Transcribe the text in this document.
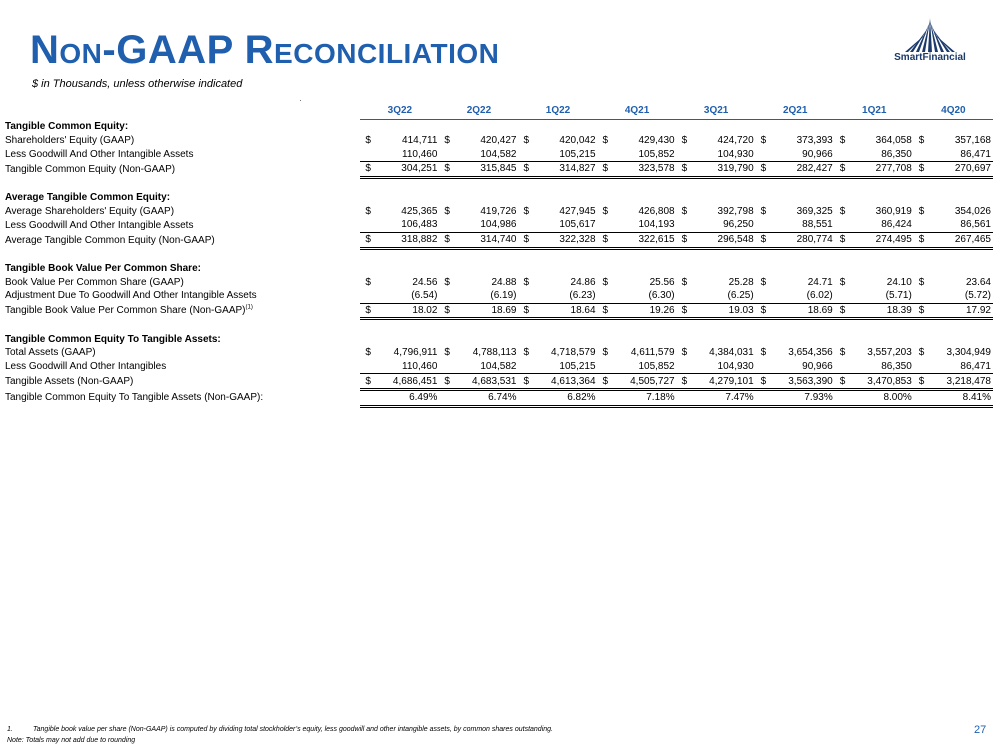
Non-GAAP Reconciliation
$ in Thousands, unless otherwise indicated
SmartFinancial
	3Q22		2Q22		1Q22		4Q21		3Q21		2Q21		1Q21		4Q20	
Tangible Common Equity:																
Shareholders' Equity (GAAP)	$	414,711	$	420,427	$	420,042	$	429,430	$	424,720	$	373,393	$	364,058	$	357,168
Less Goodwill And Other Intangible Assets		110,460		104,582		105,215		105,852		104,930		90,966		86,350		86,471
Tangible Common Equity (Non-GAAP)	$	304,251	$	315,845	$	314,827	$	323,578	$	319,790	$	282,427	$	277,708	$	270,697

Average Tangible Common Equity:																
Average Shareholders' Equity (GAAP)	$	425,365	$	419,726	$	427,945	$	426,808	$	392,798	$	369,325	$	360,919	$	354,026
Less Goodwill And Other Intangible Assets		106,483		104,986		105,617		104,193		96,250		88,551		86,424		86,561
Average Tangible Common Equity (Non-GAAP)	$	318,882	$	314,740	$	322,328	$	322,615	$	296,548	$	280,774	$	274,495	$	267,465

Tangible Book Value Per Common Share:																
Book Value Per Common Share (GAAP)	$	24.56	$	24.88	$	24.86	$	25.56	$	25.28	$	24.71	$	24.10	$	23.64
Adjustment Due To Goodwill And Other Intangible Assets		(6.54)		(6.19)		(6.23)		(6.30)		(6.25)		(6.02)		(5.71)		(5.72)
Tangible Book Value Per Common Share (Non-GAAP)$^{(1)}$	$	18.02	$	18.69	$	18.64	$	19.26	$	19.03	$	18.69	$	18.39	$	17.92

Tangible Common Equity To Tangible Assets:																
Total Assets (GAAP)	$	4,796,911	$	4,788,113	$	4,718,579	$	4,611,579	$	4,384,031	$	3,654,356	$	3,557,203	$	3,304,949
Less Goodwill And Other Intangibles		110,460		104,582		105,215		105,852		104,930		90,966		86,350		86,471
Tangible Assets (Non-GAAP)	$	4,686,451	$	4,683,531	$	4,613,364	$	4,505,727	$	4,279,101	$	3,563,390	$	3,470,853	$	3,218,478
Tangible Common Equity To Tangible Assets (Non-GAAP):		6.49%		6.74%		6.82%		7.18%		7.47%		7.93%		8.00%		8.41%
1.	Tangible book value per share (Non-GAAP) is computed by dividing total stockholder’s equity, less goodwill and other intangible assets, by common shares outstanding.
Note: Totals may not add due to rounding
27
